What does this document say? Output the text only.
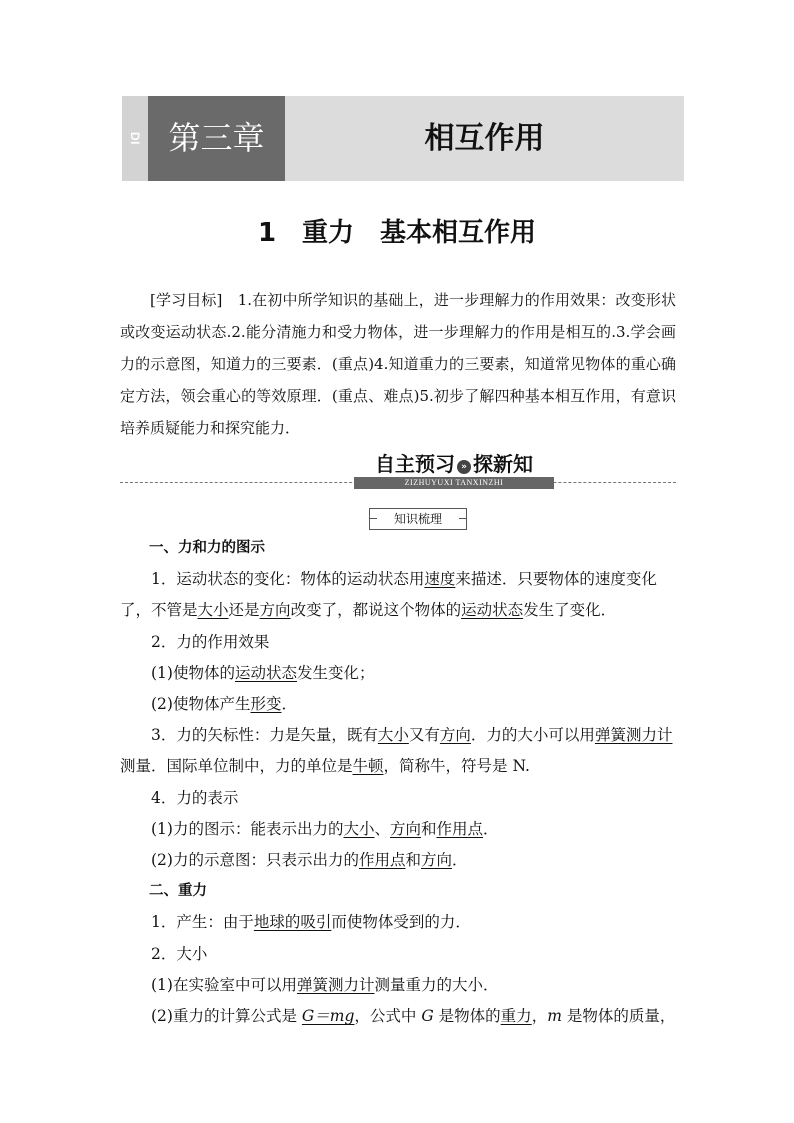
DI SANZHANG	第三章	相互作用
1　重力　基本相互作用
[学习目标]　1.在初中所学知识的基础上，进一步理解力的作用效果：改变形状或改变运动状态.2.能分清施力和受力物体，进一步理解力的作用是相互的.3.学会画力的示意图，知道力的三要素．(重点)4.知道重力的三要素，知道常见物体的重心确定方法，领会重心的等效原理．(重点、难点)5.初步了解四种基本相互作用，有意识培养质疑能力和探究能力．
自主预习 » 探新知
ZIZHUYUXI TANXINZHI
知识梳理

一、力和力的图示

1．运动状态的变化：物体的运动状态用速度来描述．只要物体的速度变化了，不管是大小还是方向改变了，都说这个物体的运动状态发生了变化．

2．力的作用效果

(1)使物体的运动状态发生变化；

(2)使物体产生形变．

3．力的矢标性：力是矢量，既有大小又有方向．力的大小可以用弹簧测力计测量．国际单位制中，力的单位是牛顿，简称牛，符号是 N.

4．力的表示

(1)力的图示：能表示出力的大小、方向和作用点．

(2)力的示意图：只表示出力的作用点和方向．

二、重力

1．产生：由于地球的吸引而使物体受到的力．

2．大小

(1)在实验室中可以用弹簧测力计测量重力的大小．

(2)重力的计算公式是 G＝mg，公式中 G 是物体的重力，m 是物体的质量，
